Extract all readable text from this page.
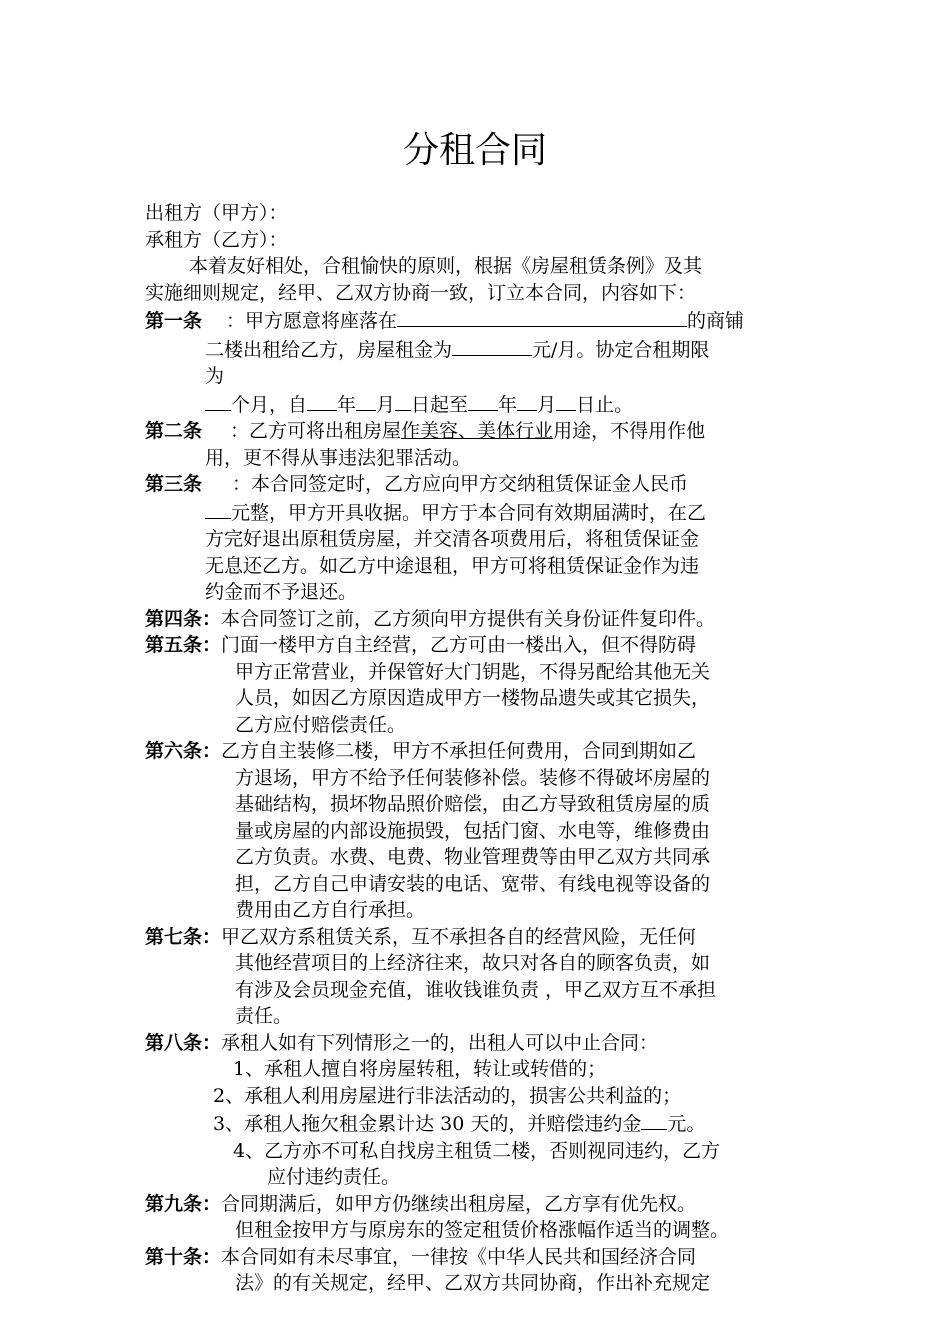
分租合同
出租方（甲方）：
承租方（乙方）：
本着友好相处，合租愉快的原则，根据《房屋租赁条例》及其
实施细则规定，经甲、乙双方协商一致，订立本合同，内容如下：
第一条 ：甲方愿意将座落在	的商铺
二楼出租给乙方，房屋租金为	元/月。协定合租期限
为
个月，自 年 月 日起至 年 月 日止。
第二条 ：乙方可将出租房屋作美容、美体行业用途，不得用作他
用，更不得从事违法犯罪活动。
第三条 ：本合同签定时，乙方应向甲方交纳租赁保证金人民币
元整，甲方开具收据。甲方于本合同有效期届满时，在乙
方完好退出原租赁房屋，并交清各项费用后，将租赁保证金
无息还乙方。如乙方中途退租，甲方可将租赁保证金作为违
约金而不予退还。
第四条：本合同签订之前，乙方须向甲方提供有关身份证件复印件。
第五条：门面一楼甲方自主经营，乙方可由一楼出入，但不得防碍
甲方正常营业，并保管好大门钥匙，不得另配给其他无关
人员，如因乙方原因造成甲方一楼物品遗失或其它损失，
乙方应付赔偿责任。
第六条：乙方自主装修二楼，甲方不承担任何费用，合同到期如乙
方退场，甲方不给予任何装修补偿。装修不得破坏房屋的
基础结构，损坏物品照价赔偿，由乙方导致租赁房屋的质
量或房屋的内部设施损毁，包括门窗、水电等，维修费由
乙方负责。水费、电费、物业管理费等由甲乙双方共同承
担，乙方自己申请安装的电话、宽带、有线电视等设备的
费用由乙方自行承担。
第七条：甲乙双方系租赁关系，互不承担各自的经营风险，无任何
其他经营项目的上经济往来，故只对各自的顾客负责，如
有涉及会员现金充值，谁收钱谁负责 ，甲乙双方互不承担
责任。
第八条：承租人如有下列情形之一的，出租人可以中止合同：
1、承租人擅自将房屋转租，转让或转借的；
2、承租人利用房屋进行非法活动的，损害公共利益的；
3、承租人拖欠租金累计达 30 天的，并赔偿违约金 元。
4、乙方亦不可私自找房主租赁二楼，否则视同违约，乙方
应付违约责任。
第九条：合同期满后，如甲方仍继续出租房屋，乙方享有优先权。
但租金按甲方与原房东的签定租赁价格涨幅作适当的调整。
第十条：本合同如有未尽事宜，一律按《中华人民共和国经济合同
法》的有关规定，经甲、乙双方共同协商，作出补充规定
